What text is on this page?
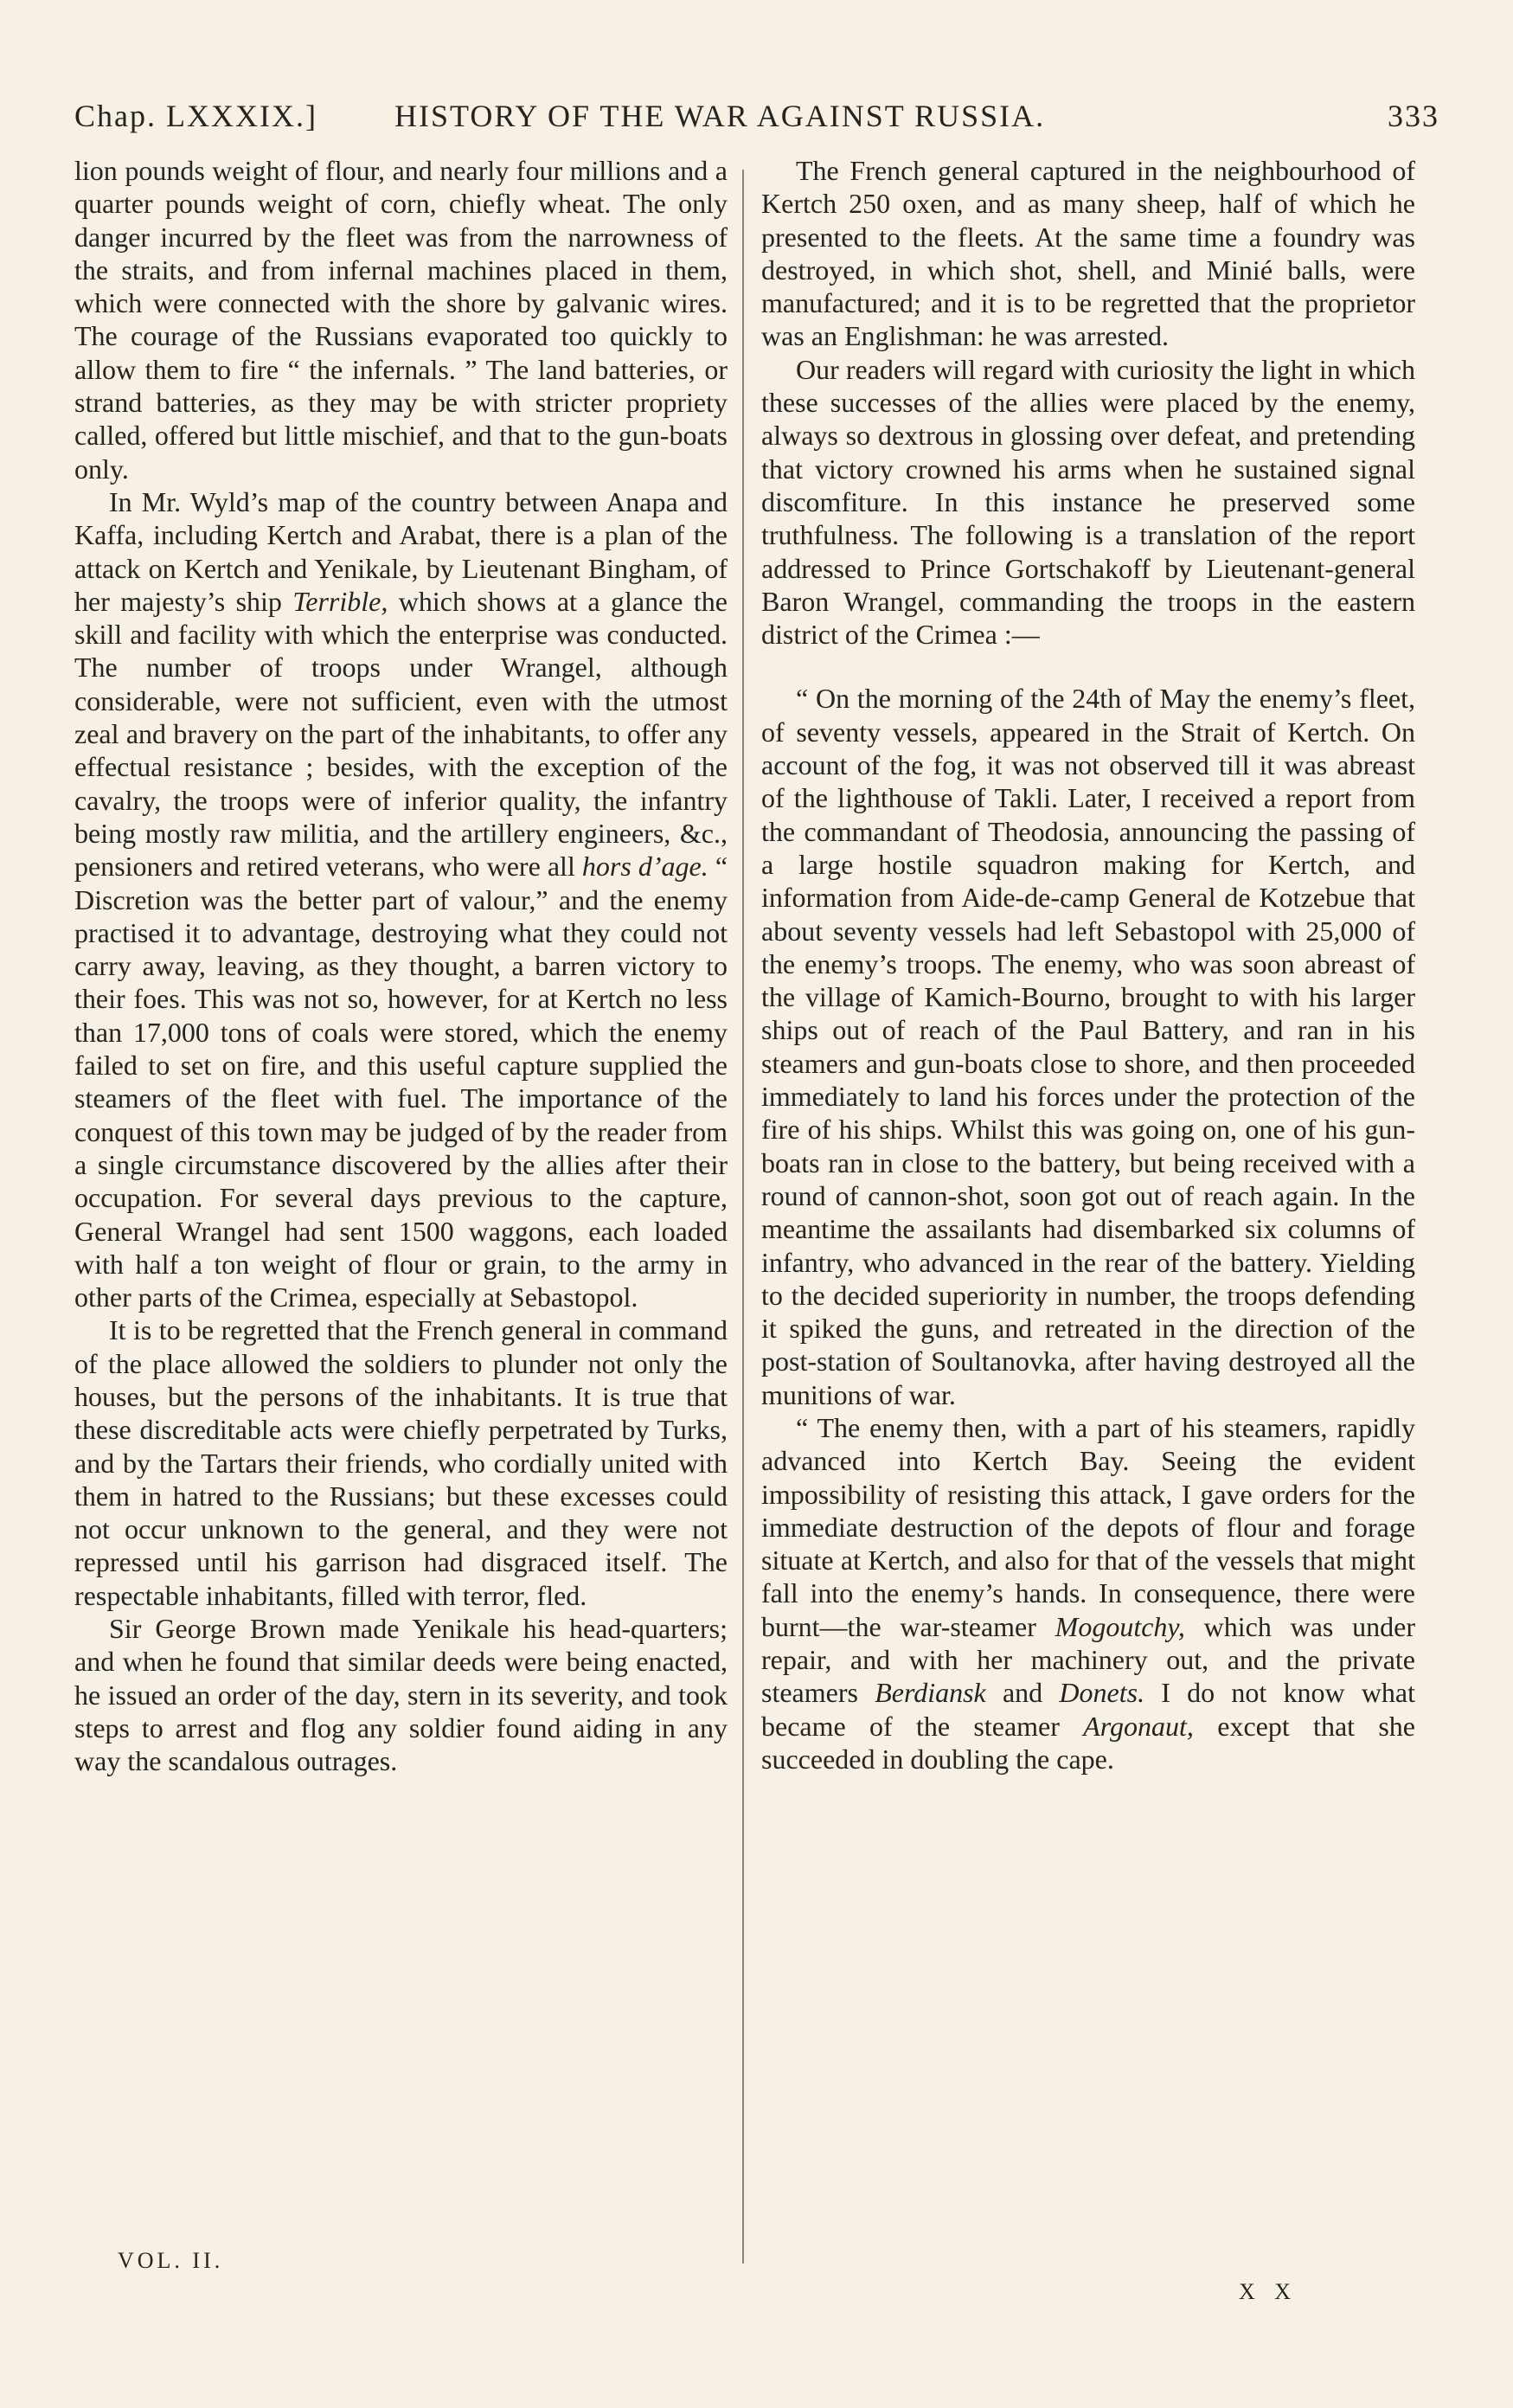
Chap. LXXXIX.] HISTORY OF THE WAR AGAINST RUSSIA.	333

lion pounds weight of flour, and nearly four millions and a quarter pounds weight of corn, chiefly wheat. The only danger incurred by the fleet was from the narrowness of the straits, and from infernal machines placed in them, which were connected with the shore by galvanic wires. The courage of the Russians evaporated too quickly to allow them to fire “ the infernals. ” The land batteries, or strand batteries, as they may be with stricter propriety called, offered but little mischief, and that to the gun-boats only.

In Mr. Wyld’s map of the country between Anapa and Kaffa, including Kertch and Arabat, there is a plan of the attack on Kertch and Yenikale, by Lieutenant Bingham, of her majesty’s ship Terrible, which shows at a glance the skill and facility with which the enterprise was conducted. The number of troops under Wrangel, although considerable, were not sufficient, even with the utmost zeal and bravery on the part of the inhabitants, to offer any effectual resistance ; besides, with the exception of the cavalry, the troops were of inferior quality, the infantry being mostly raw militia, and the artillery engineers, &c., pensioners and retired veterans, who were all hors d’age. “ Discretion was the better part of valour,” and the enemy practised it to advantage, destroying what they could not carry away, leaving, as they thought, a barren victory to their foes. This was not so, however, for at Kertch no less than 17,000 tons of coals were stored, which the enemy failed to set on fire, and this useful capture supplied the steamers of the fleet with fuel. The importance of the conquest of this town may be judged of by the reader from a single circumstance discovered by the allies after their occupation. For several days previous to the capture, General Wrangel had sent 1500 waggons, each loaded with half a ton weight of flour or grain, to the army in other parts of the Crimea, especially at Sebastopol.

It is to be regretted that the French general in command of the place allowed the soldiers to plunder not only the houses, but the persons of the inhabitants. It is true that these discreditable acts were chiefly perpetrated by Turks, and by the Tartars their friends, who cordially united with them in hatred to the Russians; but these excesses could not occur unknown to the general, and they were not repressed until his garrison had disgraced itself. The respectable inhabitants, filled with terror, fled.

Sir George Brown made Yenikale his head-quarters; and when he found that similar deeds were being enacted, he issued an order of the day, stern in its severity, and took steps to arrest and flog any soldier found aiding in any way the scandalous outrages.

The French general captured in the neighbourhood of Kertch 250 oxen, and as many sheep, half of which he presented to the fleets. At the same time a foundry was destroyed, in which shot, shell, and Minié balls, were manufactured; and it is to be regretted that the proprietor was an Englishman: he was arrested.

Our readers will regard with curiosity the light in which these successes of the allies were placed by the enemy, always so dextrous in glossing over defeat, and pretending that victory crowned his arms when he sustained signal discomfiture. In this instance he preserved some truthfulness. The following is a translation of the report addressed to Prince Gortschakoff by Lieutenant-general Baron Wrangel, commanding the troops in the eastern district of the Crimea :—

“ On the morning of the 24th of May the enemy’s fleet, of seventy vessels, appeared in the Strait of Kertch. On account of the fog, it was not observed till it was abreast of the lighthouse of Takli. Later, I received a report from the commandant of Theodosia, announcing the passing of a large hostile squadron making for Kertch, and information from Aide-de-camp General de Kotzebue that about seventy vessels had left Sebastopol with 25,000 of the enemy’s troops. The enemy, who was soon abreast of the village of Kamich-Bourno, brought to with his larger ships out of reach of the Paul Battery, and ran in his steamers and gun-boats close to shore, and then proceeded immediately to land his forces under the protection of the fire of his ships. Whilst this was going on, one of his gun-boats ran in close to the battery, but being received with a round of cannon-shot, soon got out of reach again. In the meantime the assailants had disembarked six columns of infantry, who advanced in the rear of the battery. Yielding to the decided superiority in number, the troops defending it spiked the guns, and retreated in the direction of the post-station of Soultanovka, after having destroyed all the munitions of war.

“ The enemy then, with a part of his steamers, rapidly advanced into Kertch Bay. Seeing the evident impossibility of resisting this attack, I gave orders for the immediate destruction of the depots of flour and forage situate at Kertch, and also for that of the vessels that might fall into the enemy’s hands. In consequence, there were burnt—the war-steamer Mogoutchy, which was under repair, and with her machinery out, and the private steamers Berdiansk and Donets. I do not know what became of the steamer Argonaut, except that she succeeded in doubling the cape.

VOL. II.
X X
